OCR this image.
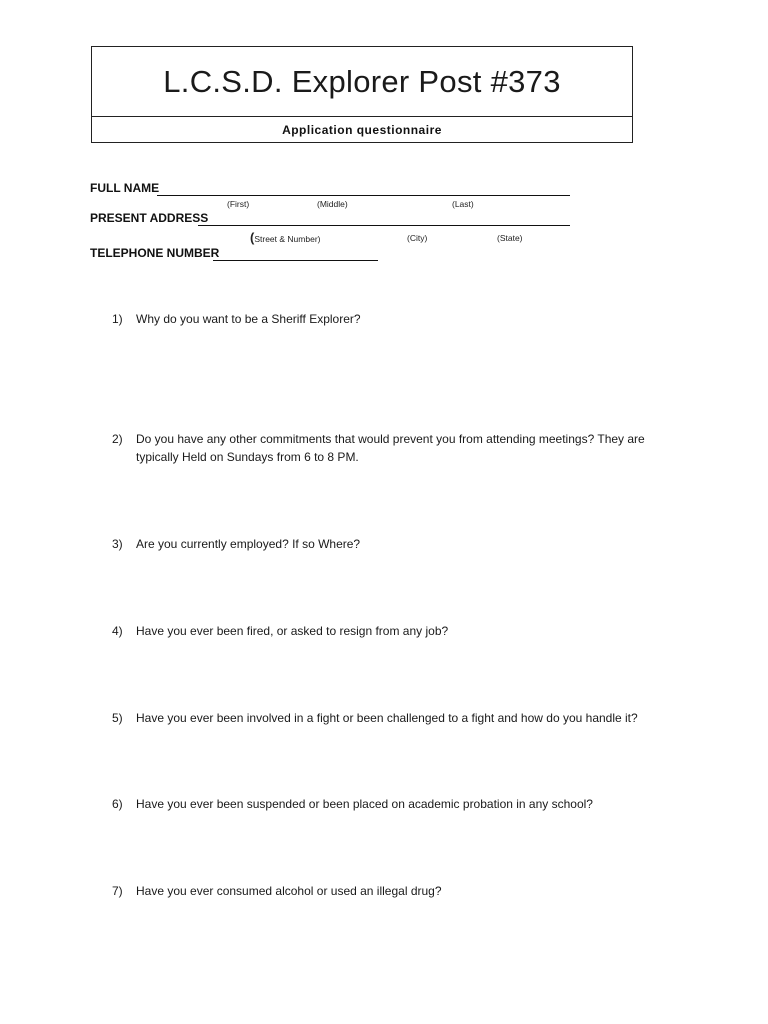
L.C.S.D. Explorer Post #373
Application questionnaire
FULL NAME
(First)	(Middle)	(Last)
PRESENT ADDRESS
(Street & Number)	(City)	(State)
TELEPHONE NUMBER
1)	Why do you want to be a Sheriff Explorer?
2)	Do you have any other commitments that would prevent you from attending meetings? They are typically Held on Sundays from 6 to 8 PM.
3)	Are you currently employed? If so Where?
4)	Have you ever been fired, or asked to resign from any job?
5)	Have you ever been involved in a fight or been challenged to a fight and how do you handle it?
6)	Have you ever been suspended or been placed on academic probation in any school?
7)	Have you ever consumed alcohol or used an illegal drug?
